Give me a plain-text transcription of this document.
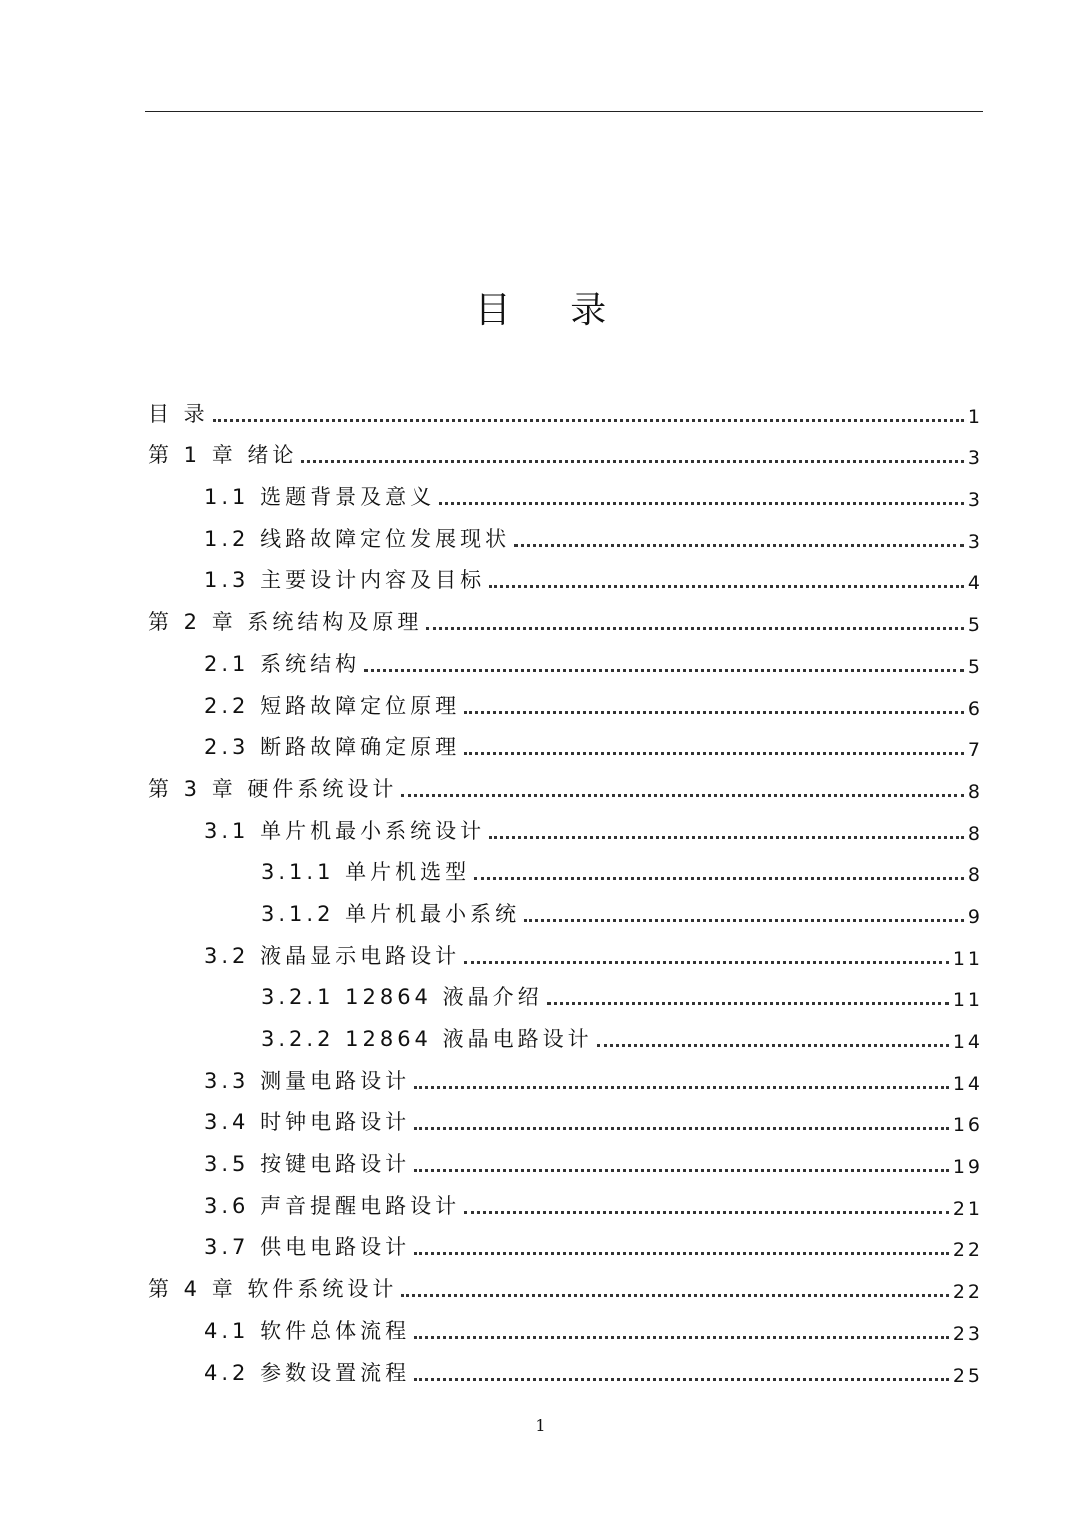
目 录
目 录	1
第 1 章 绪论	3
1.1 选题背景及意义	3
1.2 线路故障定位发展现状	3
1.3 主要设计内容及目标	4
第 2 章 系统结构及原理	5
2.1 系统结构	5
2.2 短路故障定位原理	6
2.3 断路故障确定原理	7
第 3 章 硬件系统设计	8
3.1 单片机最小系统设计	8
3.1.1 单片机选型	8
3.1.2 单片机最小系统	9
3.2 液晶显示电路设计	11
3.2.1 12864 液晶介绍	11
3.2.2 12864 液晶电路设计	14
3.3 测量电路设计	14
3.4 时钟电路设计	16
3.5 按键电路设计	19
3.6 声音提醒电路设计	21
3.7 供电电路设计	22
第 4 章 软件系统设计	22
4.1 软件总体流程	23
4.2 参数设置流程	25
1
